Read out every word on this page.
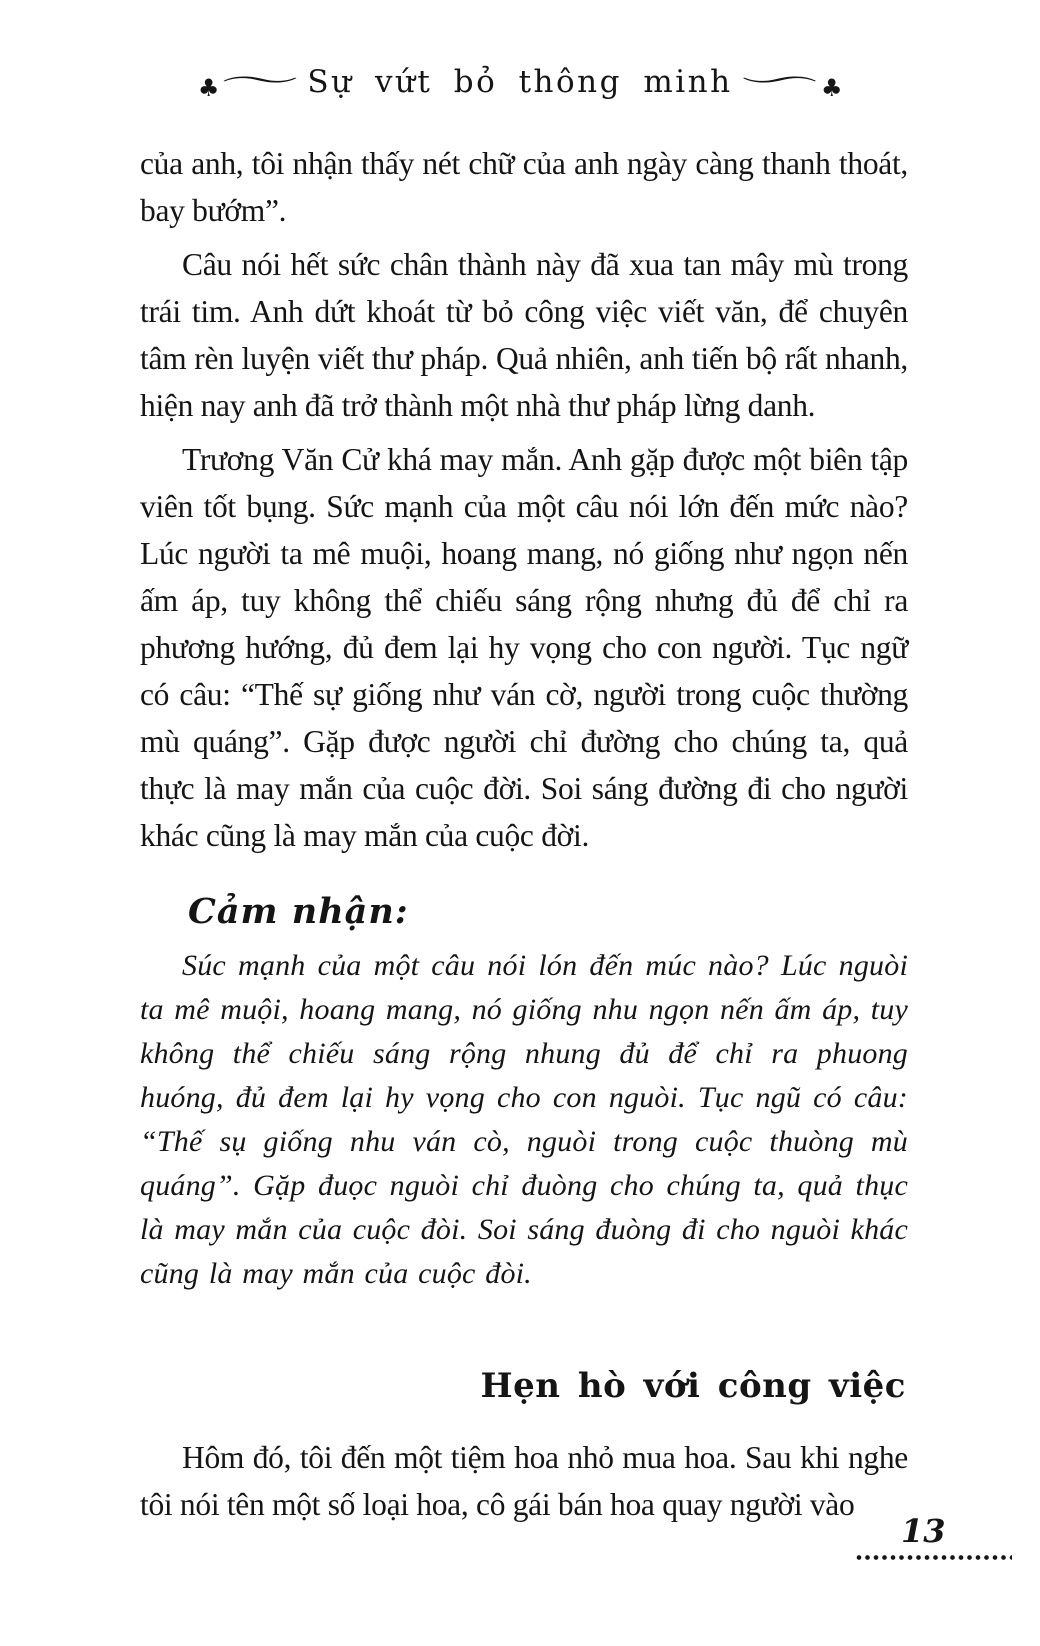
♣〜 Sự vứt bỏ thông minh	♣〜

của anh, tôi nhận thấy nét chữ của anh ngày càng thanh thoát, bay bướm”.

Câu nói hết sức chân thành này đã xua tan mây mù trong trái tim. Anh dứt khoát từ bỏ công việc viết văn, để chuyên tâm rèn luyện viết thư pháp. Quả nhiên, anh tiến bộ rất nhanh, hiện nay anh đã trở thành một nhà thư pháp lừng danh.

Trương Văn Cử khá may mắn. Anh gặp được một biên tập viên tốt bụng. Sức mạnh của một câu nói lớn đến mức nào? Lúc người ta mê muội, hoang mang, nó giống như ngọn nến ấm áp, tuy không thể chiếu sáng rộng nhưng đủ để chỉ ra phương hướng, đủ đem lại hy vọng cho con người. Tục ngữ có câu: “Thế sự giống như ván cờ, người trong cuộc thường mù quáng”. Gặp được người chỉ đường cho chúng ta, quả thực là may mắn của cuộc đời. Soi sáng đường đi cho người khác cũng là may mắn của cuộc đời.

Cảm nhận:

Súc mạnh của một câu nói lón đến múc nào? Lúc nguòi ta mê muội, hoang mang, nó giống nhu ngọn nến ấm áp, tuy không thể chiếu sáng rộng nhung đủ để chỉ ra phuong huóng, đủ đem lại hy vọng cho con nguòi. Tục ngũ có câu: “Thế sụ giống nhu ván cò, nguòi trong cuộc thuòng mù quáng”. Gặp đuọc nguòi chỉ đuòng cho chúng ta, quả thục là may mắn của cuộc đòi. Soi sáng đuòng đi cho nguòi khác cũng là may mắn của cuộc đòi.

Hẹn hò với công việc

Hôm đó, tôi đến một tiệm hoa nhỏ mua hoa. Sau khi nghe tôi nói tên một số loại hoa, cô gái bán hoa quay người vào

13
